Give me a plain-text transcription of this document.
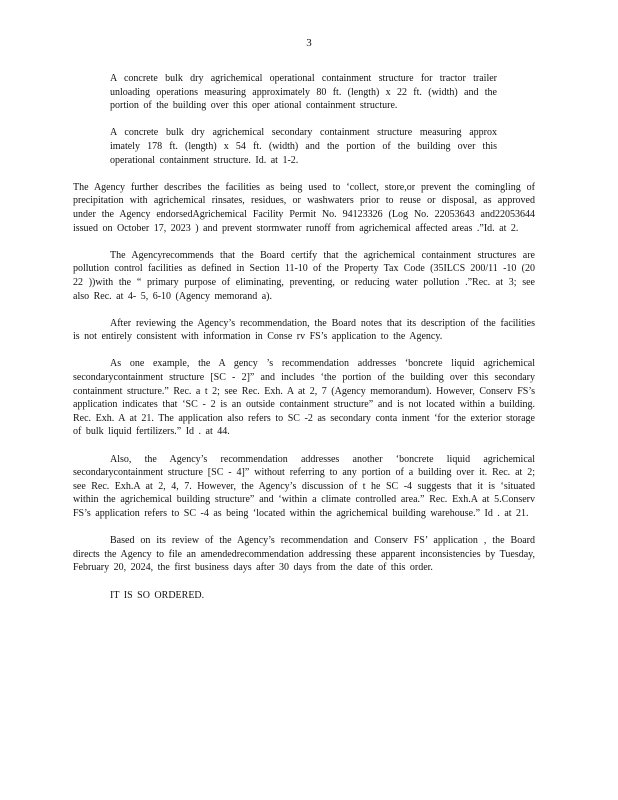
3

A concrete bulk dry agrichemical operational containment structure for tractor trailer unloading operations measuring approximately 80 ft. (length) x 22 ft. (width) and the portion of the building over this oper ational containment structure.

A concrete bulk dry agrichemical secondary containment structure measuring approx imately 178 ft. (length) x 54 ft. (width) and the portion of the building over this operational containment structure. Id. at 1-2.

The Agency further describes the facilities as being used to ‘collect, store,or prevent the comingling of precipitation with agrichemical rinsates, residues, or washwaters prior to reuse or disposal, as approved under the Agency endorsedAgrichemical Facility Permit No. 94123326 (Log No. 22053643 and22053644 issued on October 17, 2023 ) and prevent stormwater runoff from agrichemical affected areas .”Id. at 2.

The Agencyrecommends that the Board certify that the agrichemical containment structures are pollution control facilities as defined in Section 11-10 of the Property Tax Code (35ILCS 200/11 -10 (20 22 ))with the “ primary purpose of eliminating, preventing, or reducing water pollution .”Rec. at 3; see also Rec. at 4- 5, 6-10 (Agency memorand a).

After reviewing the Agency’s recommendation, the Board notes that its description of the facilities is not entirely consistent with information in Conse rv FS’s application to the Agency.

As one example, the A gency ’s recommendation addresses ‘boncrete liquid agrichemical secondarycontainment structure [SC - 2]” and includes ‘the portion of the building over this secondary containment structure.” Rec. a t 2; see Rec. Exh. A at 2, 7 (Agency memorandum). However, Conserv FS’s application indicates that ‘SC - 2 is an outside containment structure” and is not located within a building. Rec. Exh. A at 21. The application also refers to SC -2 as secondary conta inment ‘for the exterior storage of bulk liquid fertilizers.” Id . at 44.

Also, the Agency’s recommendation addresses another ‘boncrete liquid agrichemical secondarycontainment structure [SC - 4]” without referring to any portion of a building over it. Rec. at 2; see Rec. Exh.A at 2, 4, 7. However, the Agency’s discussion of t he SC -4 suggests that it is ‘situated within the agrichemical building structure” and ‘within a climate controlled area.” Rec. Exh.A at 5.Conserv FS’s application refers to SC -4 as being ‘located within the agrichemical building warehouse.” Id . at 21.

Based on its review of the Agency’s recommendation and Conserv FS’ application , the Board directs the Agency to file an amendedrecommendation addressing these apparent inconsistencies by Tuesday, February 20, 2024, the first business days after 30 days from the date of this order.

IT IS SO ORDERED.
